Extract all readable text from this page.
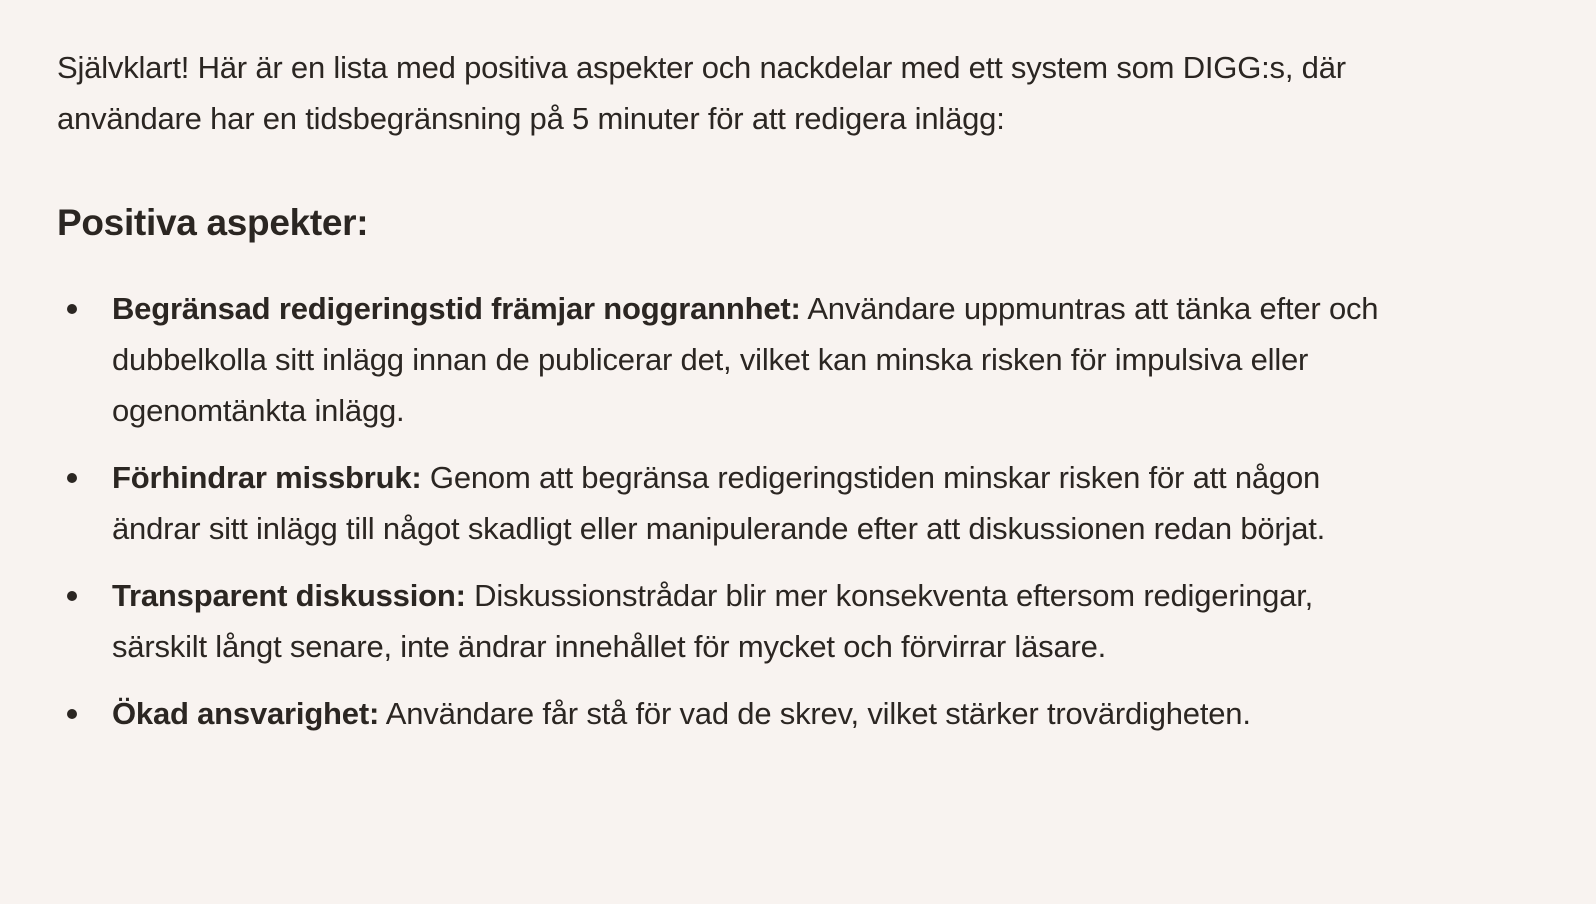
Självklart! Här är en lista med positiva aspekter och nackdelar med ett system som DIGG:s, där användare har en tidsbegränsning på 5 minuter för att redigera inlägg:

Positiva aspekter:
Begränsad redigeringstid främjar noggrannhet: Användare uppmuntras att tänka efter och dubbelkolla sitt inlägg innan de publicerar det, vilket kan minska risken för impulsiva eller ogenomtänkta inlägg.
Förhindrar missbruk: Genom att begränsa redigeringstiden minskar risken för att någon ändrar sitt inlägg till något skadligt eller manipulerande efter att diskussionen redan börjat.
Transparent diskussion: Diskussionstrådar blir mer konsekventa eftersom redigeringar, särskilt långt senare, inte ändrar innehållet för mycket och förvirrar läsare.
Ökad ansvarighet: Användare får stå för vad de skrev, vilket stärker trovärdigheten.
